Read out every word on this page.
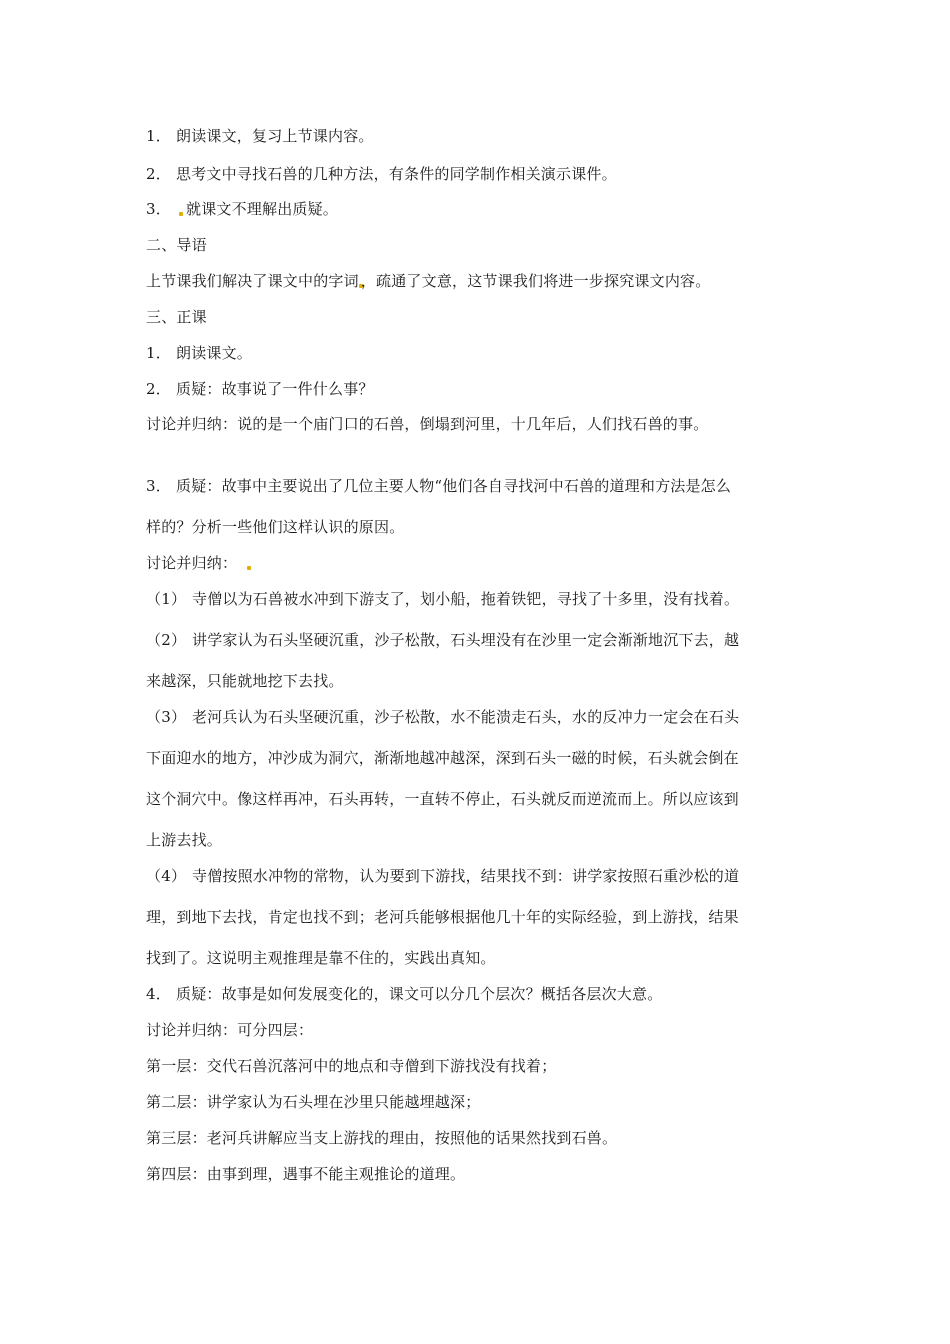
1． 朗读课文，复习上节课内容。
2． 思考文中寻找石兽的几种方法，有条件的同学制作相关演示课件。
3． 就课文不理解出质疑。
二、导语
上节课我们解决了课文中的字词 ，疏通了文意，这节课我们将进一步探究课文内容。
三、正课
1． 朗读课文。
2． 质疑：故事说了一件什么事？
讨论并归纳：说的是一个庙门口的石兽，倒塌到河里，十几年后，人们找石兽的事。
3． 质疑：故事中主要说出了几位主要人物“他们各自寻找河中石兽的道理和方法是怎么
样的？分析一些他们这样认识的原因。
讨论并归纳：
（1） 寺僧以为石兽被水冲到下游支了，划小船，拖着铁钯，寻找了十多里，没有找着。
（2） 讲学家认为石头坚硬沉重，沙子松散，石头埋没有在沙里一定会渐渐地沉下去，越
来越深，只能就地挖下去找。
（3） 老河兵认为石头坚硬沉重，沙子松散，水不能溃走石头，水的反冲力一定会在石头
下面迎水的地方，冲沙成为洞穴，渐渐地越冲越深，深到石头一磁的时候，石头就会倒在
这个洞穴中。像这样再冲，石头再转，一直转不停止，石头就反而逆流而上。所以应该到
上游去找。
（4） 寺僧按照水冲物的常物，认为要到下游找，结果找不到：讲学家按照石重沙松的道
理，到地下去找，肯定也找不到；老河兵能够根据他几十年的实际经验，到上游找，结果
找到了。这说明主观推理是靠不住的，实践出真知。
4． 质疑：故事是如何发展变化的，课文可以分几个层次？概括各层次大意。
讨论并归纳：可分四层：
第一层：交代石兽沉落河中的地点和寺僧到下游找没有找着；
第二层：讲学家认为石头埋在沙里只能越埋越深；
第三层：老河兵讲解应当支上游找的理由，按照他的话果然找到石兽。
第四层：由事到理，遇事不能主观推论的道理。
